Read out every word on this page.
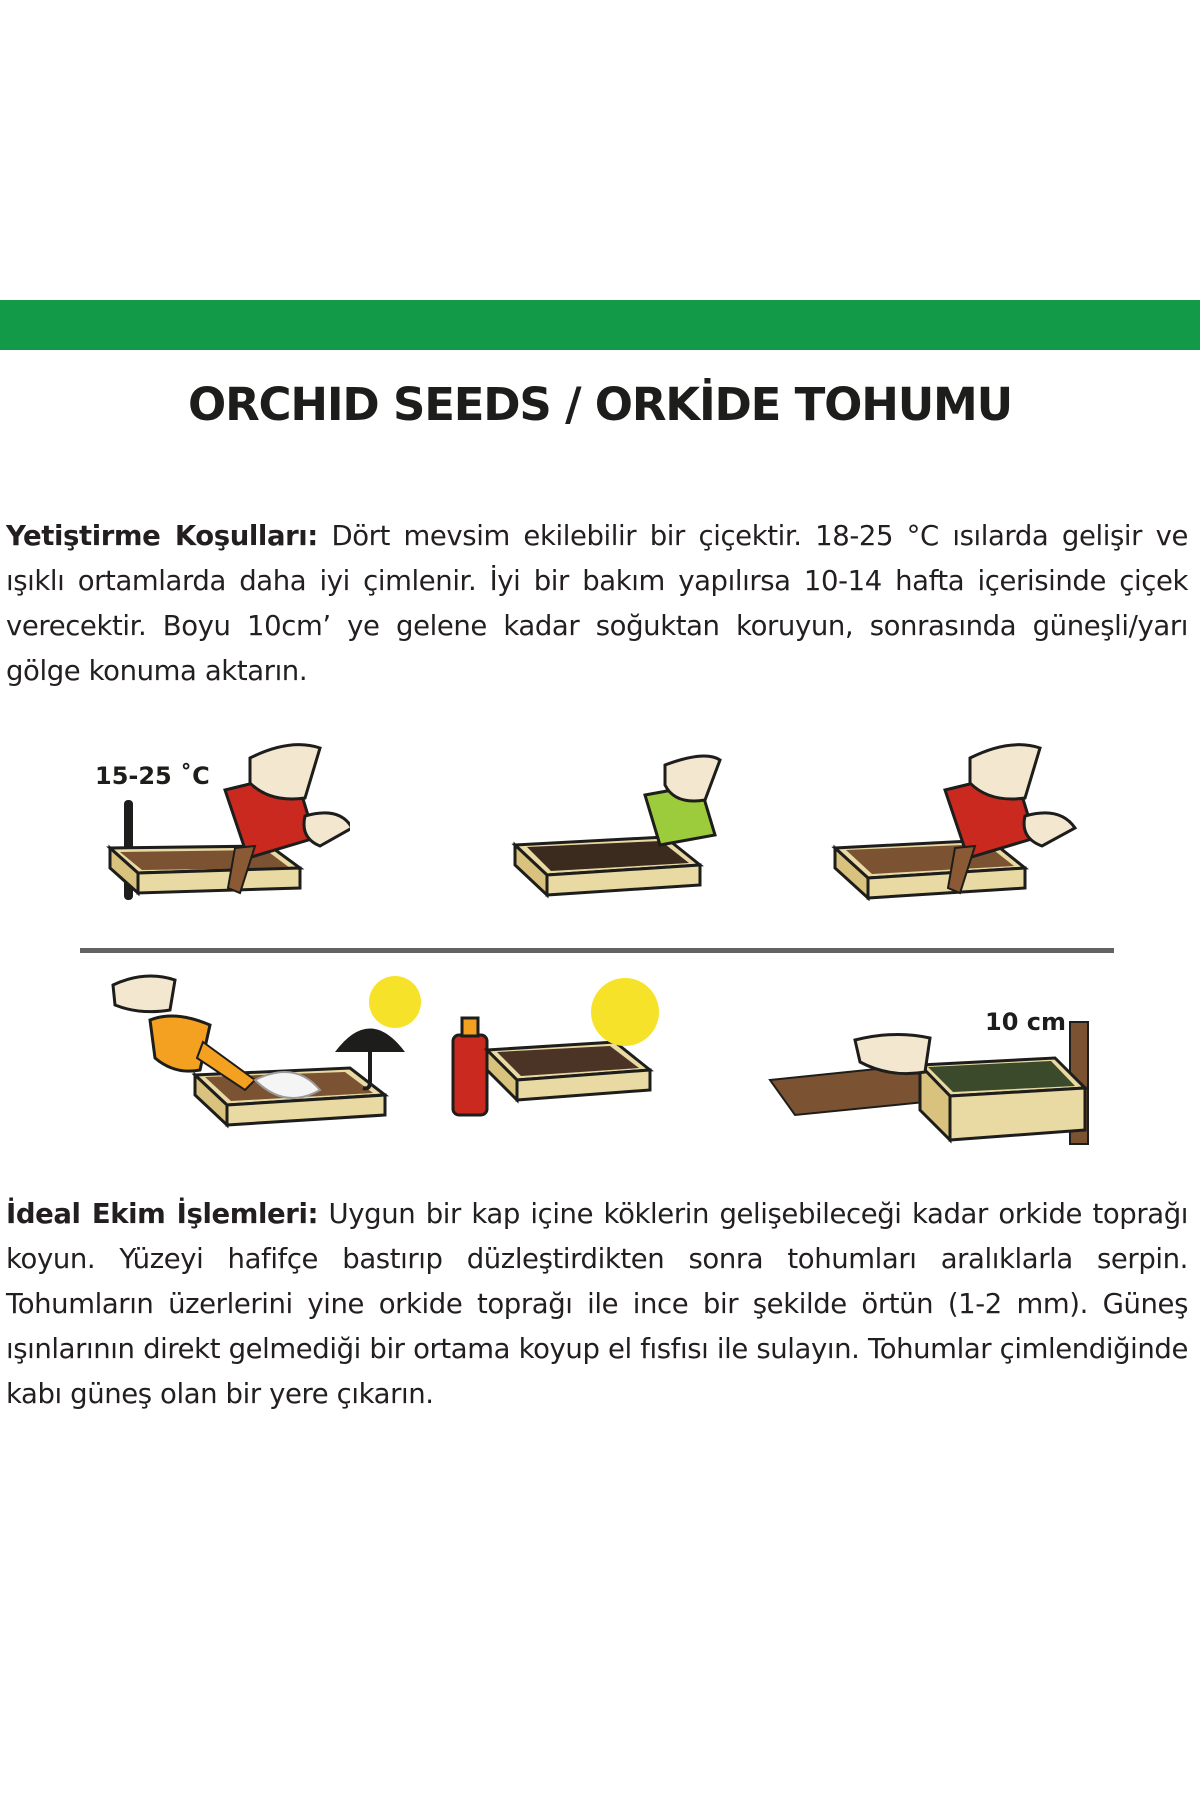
ORCHID SEEDS / ORKİDE TOHUMU
Yetiştirme Koşulları: Dört mevsim ekilebilir bir çiçektir. 18-25 °C ısılarda gelişir ve ışıklı ortamlarda daha iyi çimlenir. İyi bir bakım yapılırsa 10-14 hafta içerisinde çiçek verecektir. Boyu 10cm’ ye gelene kadar soğuktan koruyun, sonrasında güneşli/yarı gölge konuma aktarın.
15-25 ˚C
10 cm
İdeal Ekim İşlemleri: Uygun bir kap içine köklerin gelişebileceği kadar orkide toprağı koyun. Yüzeyi hafifçe bastırıp düzleştirdikten sonra tohumları aralıklarla serpin. Tohumların üzerlerini yine orkide toprağı ile ince bir şekilde örtün (1-2 mm). Güneş ışınlarının direkt gelmediği bir ortama koyup el fısfısı ile sulayın. Tohumlar çimlendiğinde kabı güneş olan bir yere çıkarın.
